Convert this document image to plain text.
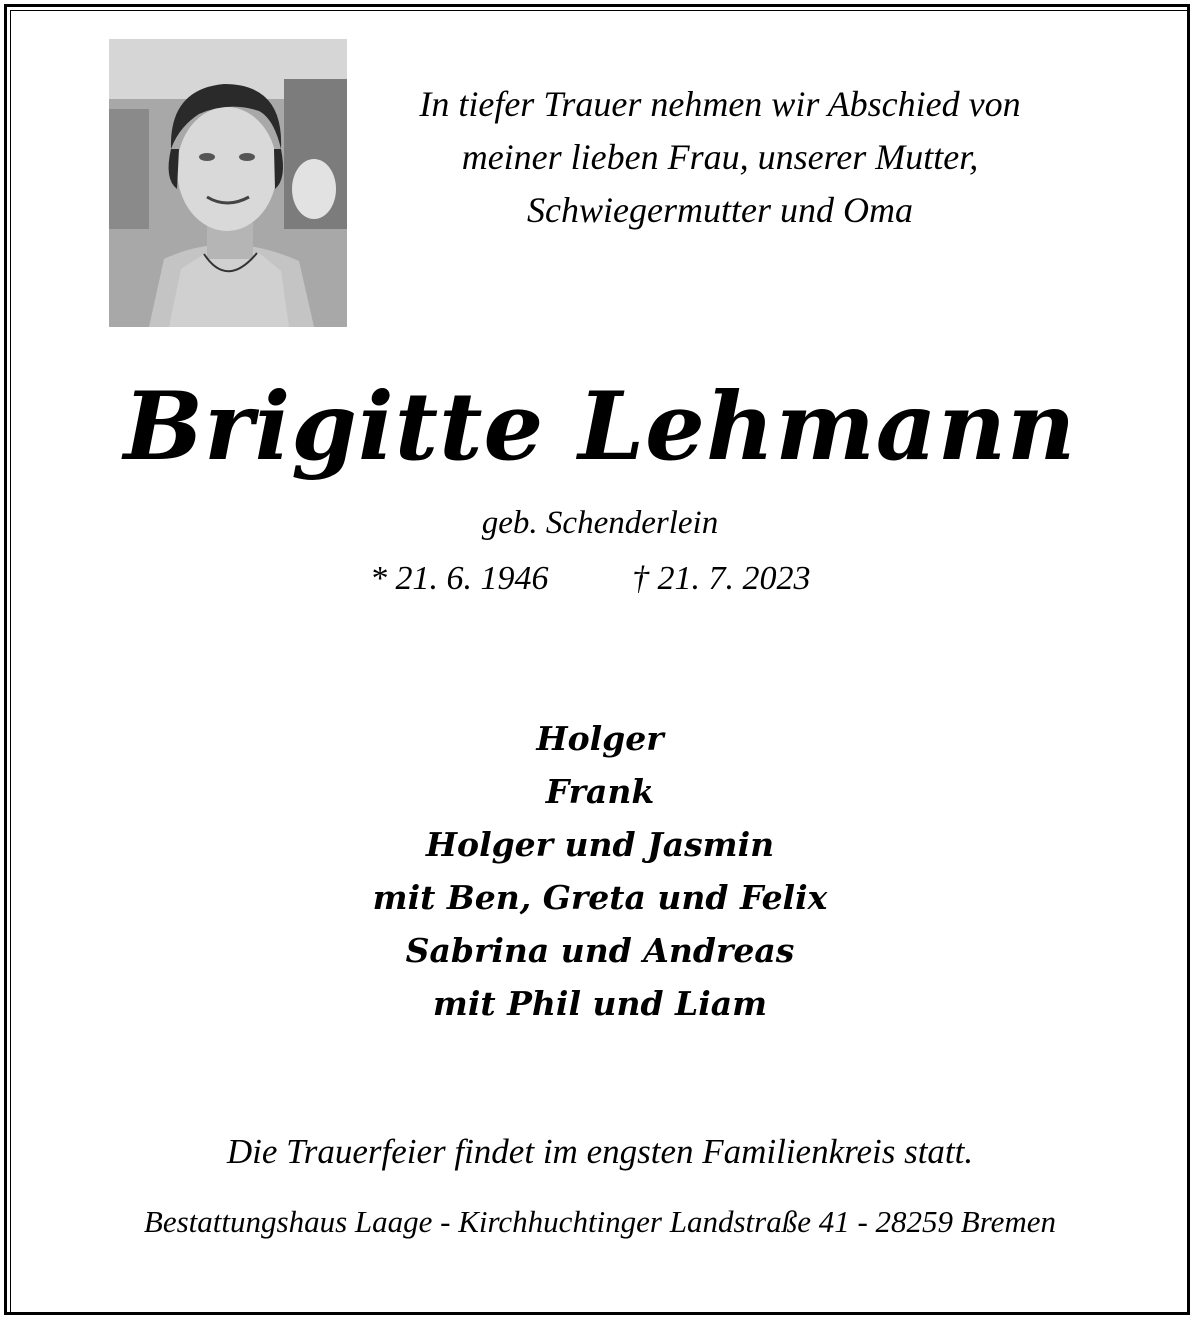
In tiefer Trauer nehmen wir Abschied von
meiner lieben Frau, unserer Mutter,
Schwiegermutter und Oma
Brigitte Lehmann
geb. Schenderlein
* 21. 6. 1946 † 21. 7. 2023
Holger
Frank
Holger und Jasmin
mit Ben, Greta und Felix
Sabrina und Andreas
mit Phil und Liam
Die Trauerfeier findet im engsten Familienkreis statt.
Bestattungshaus Laage - Kirchhuchtinger Landstraße 41 - 28259 Bremen
